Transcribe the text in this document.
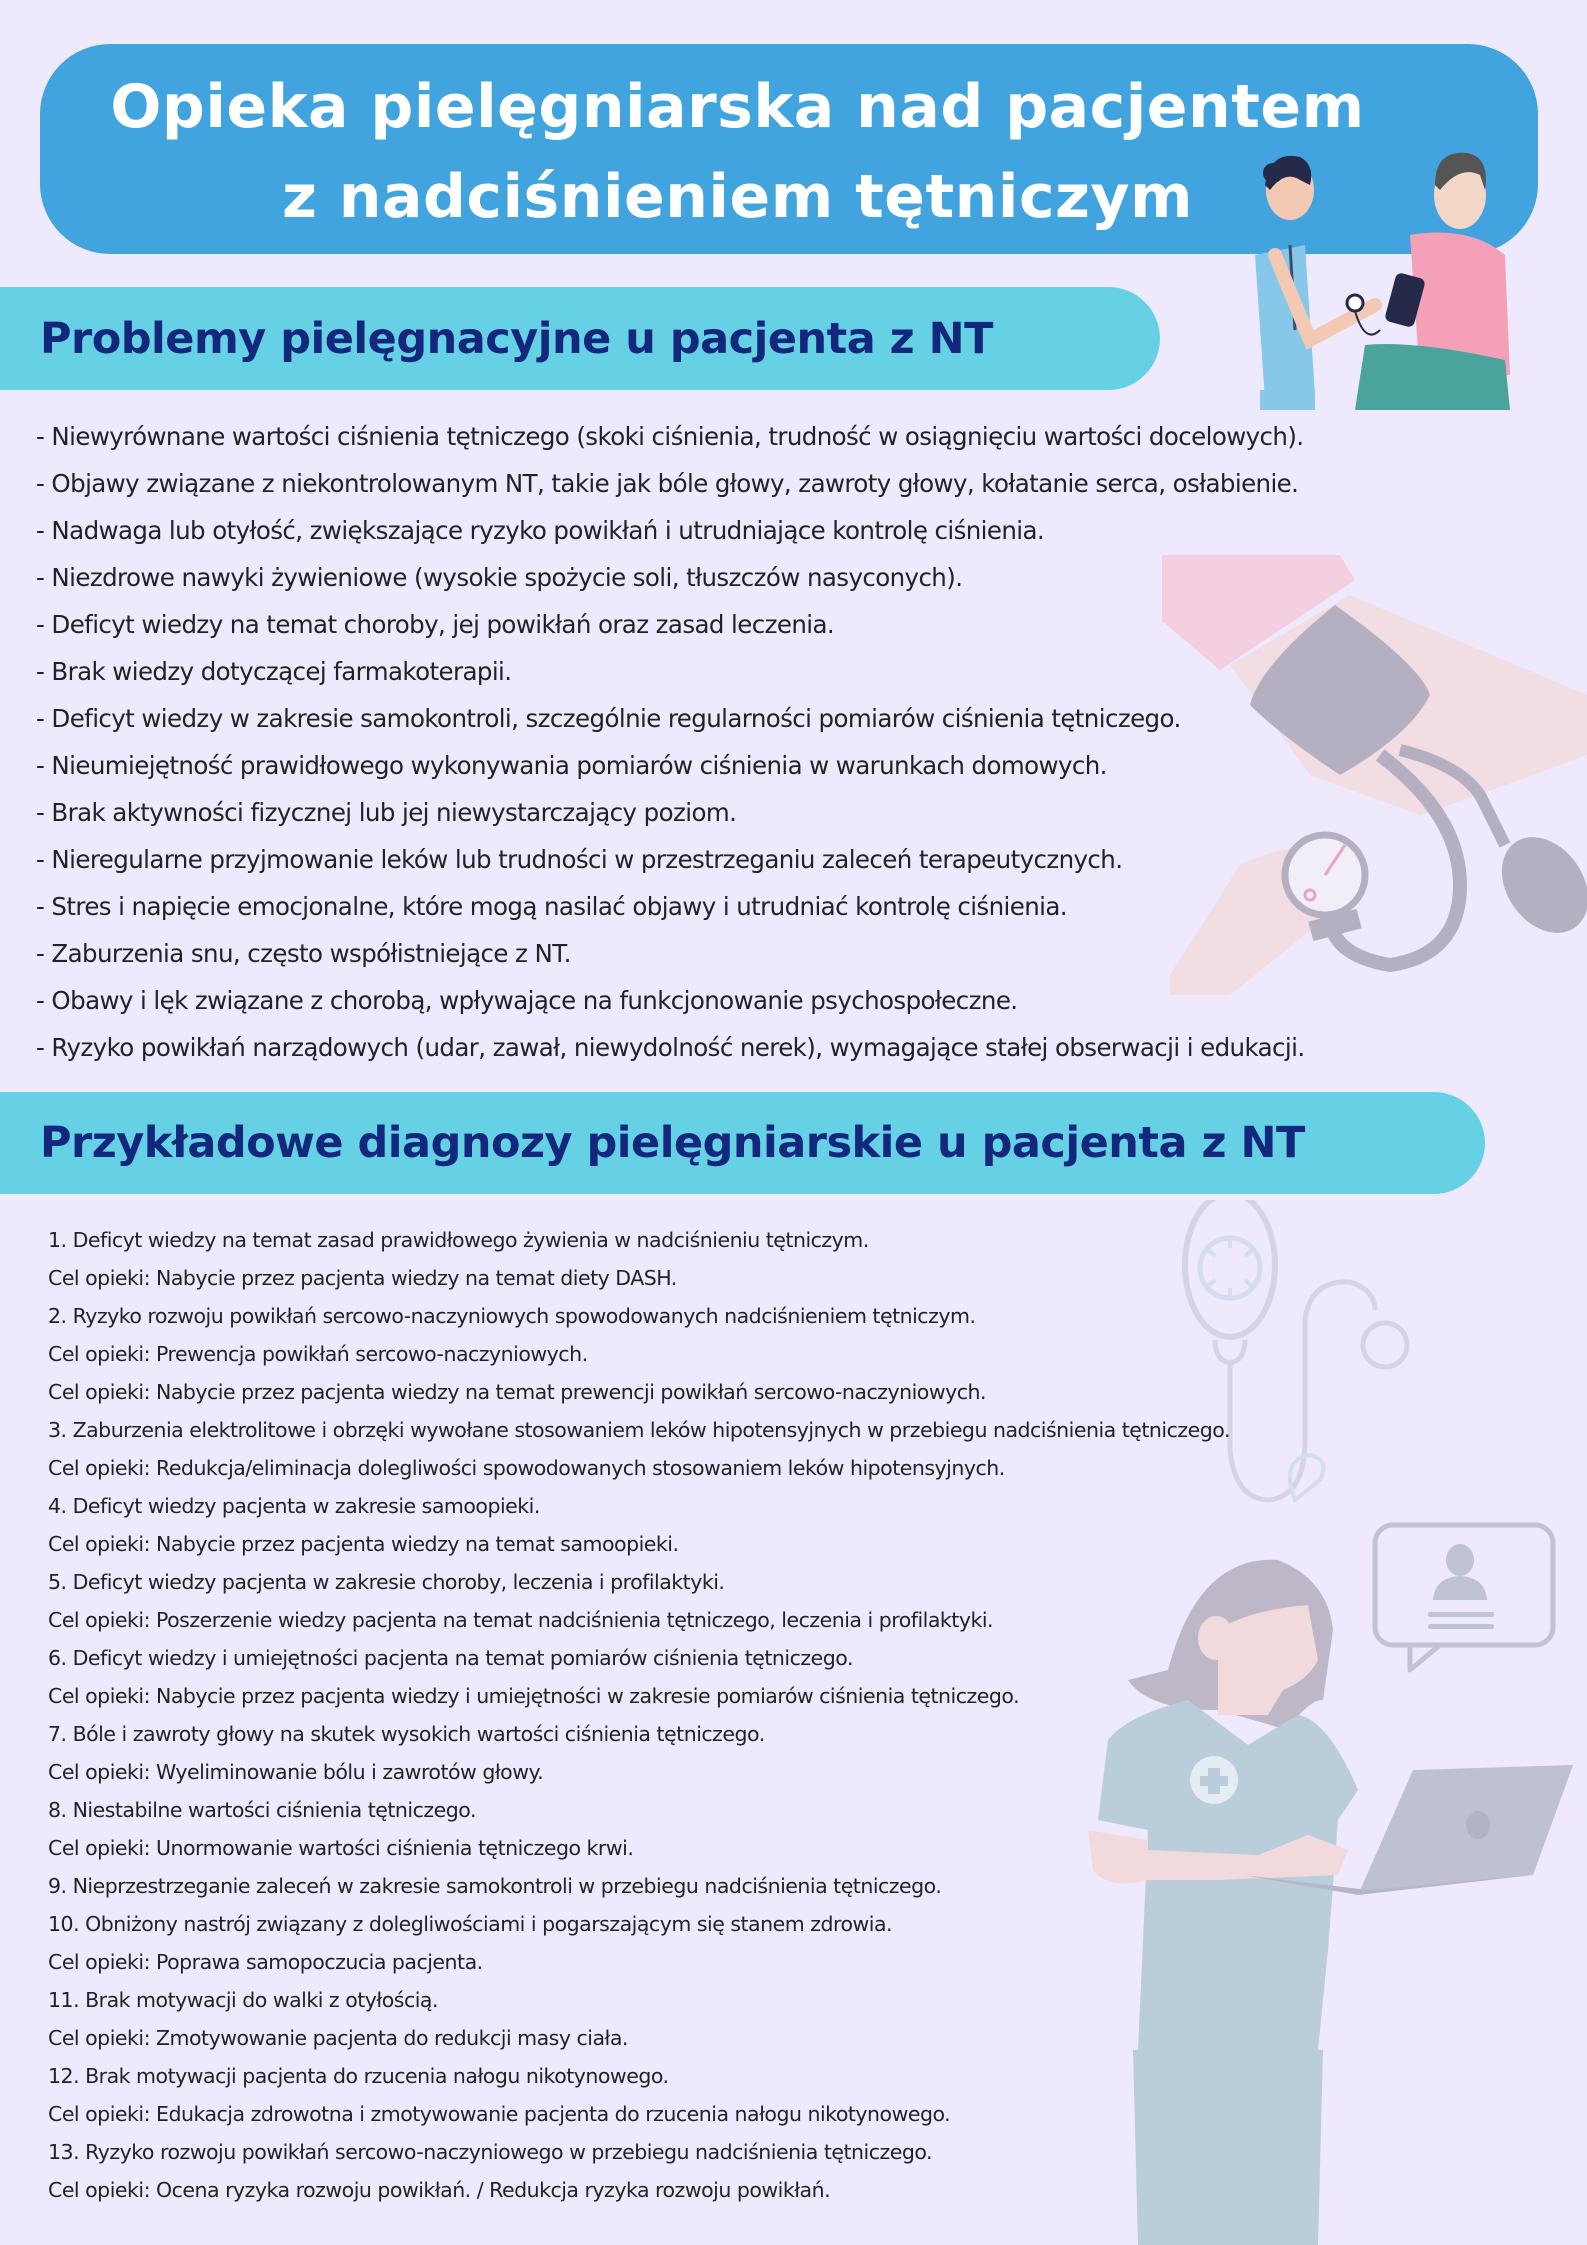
Opieka pielęgniarska nad pacjentem
z nadciśnieniem tętniczym
Problemy pielęgnacyjne u pacjenta z NT
- Niewyrównane wartości ciśnienia tętniczego (skoki ciśnienia, trudność w osiągnięciu wartości docelowych).
- Objawy związane z niekontrolowanym NT, takie jak bóle głowy, zawroty głowy, kołatanie serca, osłabienie.
- Nadwaga lub otyłość, zwiększające ryzyko powikłań i utrudniające kontrolę ciśnienia.
- Niezdrowe nawyki żywieniowe (wysokie spożycie soli, tłuszczów nasyconych).
- Deficyt wiedzy na temat choroby, jej powikłań oraz zasad leczenia.
- Brak wiedzy dotyczącej farmakoterapii.
- Deficyt wiedzy w zakresie samokontroli, szczególnie regularności pomiarów ciśnienia tętniczego.
- Nieumiejętność prawidłowego wykonywania pomiarów ciśnienia w warunkach domowych.
- Brak aktywności fizycznej lub jej niewystarczający poziom.
- Nieregularne przyjmowanie leków lub trudności w przestrzeganiu zaleceń terapeutycznych.
- Stres i napięcie emocjonalne, które mogą nasilać objawy i utrudniać kontrolę ciśnienia.
- Zaburzenia snu, często współistniejące z NT.
- Obawy i lęk związane z chorobą, wpływające na funkcjonowanie psychospołeczne.
- Ryzyko powikłań narządowych (udar, zawał, niewydolność nerek), wymagające stałej obserwacji i edukacji.
Przykładowe diagnozy pielęgniarskie u pacjenta z NT
1. Deficyt wiedzy na temat zasad prawidłowego żywienia w nadciśnieniu tętniczym.
Cel opieki: Nabycie przez pacjenta wiedzy na temat diety DASH.
2. Ryzyko rozwoju powikłań sercowo-naczyniowych spowodowanych nadciśnieniem tętniczym.
Cel opieki: Prewencja powikłań sercowo-naczyniowych.
Cel opieki: Nabycie przez pacjenta wiedzy na temat prewencji powikłań sercowo-naczyniowych.
3. Zaburzenia elektrolitowe i obrzęki wywołane stosowaniem leków hipotensyjnych w przebiegu nadciśnienia tętniczego.
Cel opieki: Redukcja/eliminacja dolegliwości spowodowanych stosowaniem leków hipotensyjnych.
4. Deficyt wiedzy pacjenta w zakresie samoopieki.
Cel opieki: Nabycie przez pacjenta wiedzy na temat samoopieki.
5. Deficyt wiedzy pacjenta w zakresie choroby, leczenia i profilaktyki.
Cel opieki: Poszerzenie wiedzy pacjenta na temat nadciśnienia tętniczego, leczenia i profilaktyki.
6. Deficyt wiedzy i umiejętności pacjenta na temat pomiarów ciśnienia tętniczego.
Cel opieki: Nabycie przez pacjenta wiedzy i umiejętności w zakresie pomiarów ciśnienia tętniczego.
7. Bóle i zawroty głowy na skutek wysokich wartości ciśnienia tętniczego.
Cel opieki: Wyeliminowanie bólu i zawrotów głowy.
8. Niestabilne wartości ciśnienia tętniczego.
Cel opieki: Unormowanie wartości ciśnienia tętniczego krwi.
9. Nieprzestrzeganie zaleceń w zakresie samokontroli w przebiegu nadciśnienia tętniczego.
10. Obniżony nastrój związany z dolegliwościami i pogarszającym się stanem zdrowia.
Cel opieki: Poprawa samopoczucia pacjenta.
11. Brak motywacji do walki z otyłością.
Cel opieki: Zmotywowanie pacjenta do redukcji masy ciała.
12. Brak motywacji pacjenta do rzucenia nałogu nikotynowego.
Cel opieki: Edukacja zdrowotna i zmotywowanie pacjenta do rzucenia nałogu nikotynowego.
13. Ryzyko rozwoju powikłań sercowo-naczyniowego w przebiegu nadciśnienia tętniczego.
Cel opieki: Ocena ryzyka rozwoju powikłań. / Redukcja ryzyka rozwoju powikłań.
